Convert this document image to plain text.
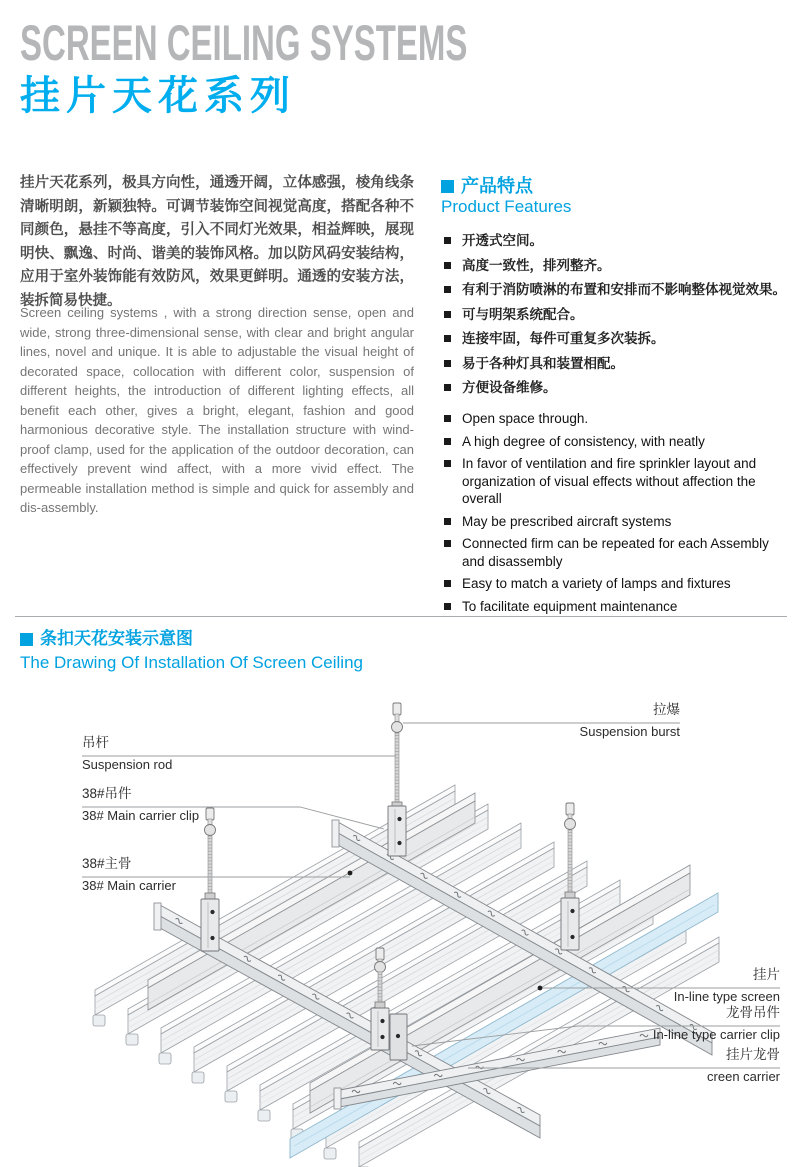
SCREEN CEILING SYSTEMS
挂片天花系列
挂片天花系列，极具方向性，通透开阔，立体感强，棱角线条清晰明朗，新颖独特。可调节装饰空间视觉高度，搭配各种不同颜色，悬挂不等高度，引入不同灯光效果，相益辉映，展现明快、飘逸、时尚、谐美的装饰风格。加以防风码安装结构，应用于室外装饰能有效防风，效果更鲜明。通透的安装方法，装拆简易快捷。
Screen ceiling systems , with a strong direction sense, open and wide, strong three-dimensional sense, with clear and bright angular lines, novel and unique. It is able to adjustable the visual height of decorated space, collocation with different color, suspension of different heights, the introduction of different lighting effects, all benefit each other, gives a bright, elegant, fashion and good harmonious decorative style. The installation structure with wind-proof clamp, used for the application of the outdoor decoration, can effectively prevent wind affect, with a more vivid effect. The permeable installation method is simple and quick for assembly and dis-assembly.
产品特点
Product Features
开透式空间。
高度一致性，排列整齐。
有利于消防喷淋的布置和安排而不影响整体视觉效果。
可与明架系统配合。
连接牢固，每件可重复多次装拆。
易于各种灯具和装置相配。
方便设备维修。
Open space through.
A high degree of consistency, with neatly
In favor of ventilation and fire sprinkler layout and organization of visual effects without affection the overall
May be prescribed aircraft systems
Connected firm can be repeated for each Assembly and disassembly
Easy to match a variety of lamps and fixtures
To facilitate equipment maintenance
条扣天花安装示意图
The Drawing Of Installation Of Screen Ceiling
拉爆
Suspension burst
吊杆
Suspension rod
38#吊件
38# Main carrier clip
38#主骨
38# Main carrier
挂片
In-line type screen
龙骨吊件
In-line type carrier clip
挂片龙骨
creen carrier
